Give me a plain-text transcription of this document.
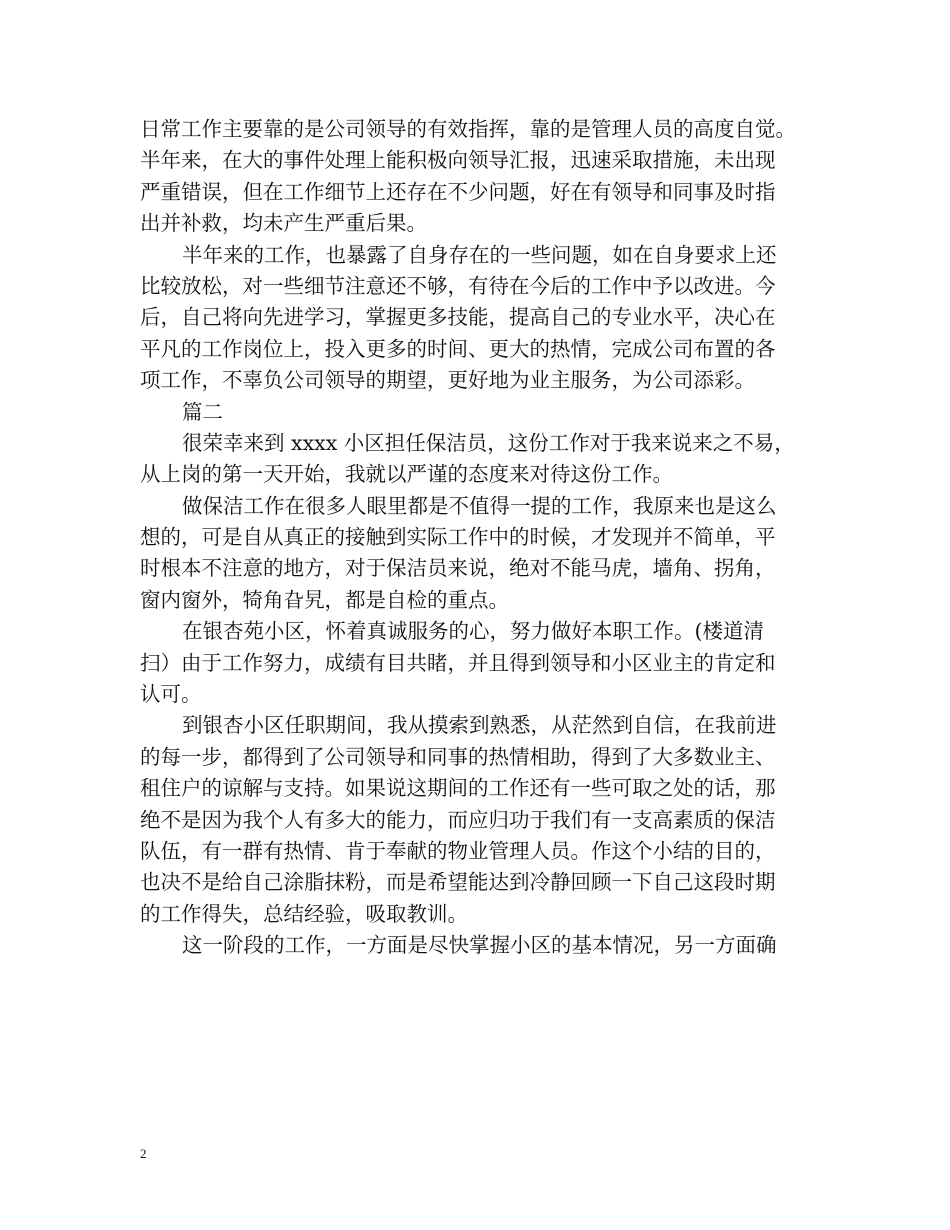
日常工作主要靠的是公司领导的有效指挥，靠的是管理人员的高度自觉。
半年来，在大的事件处理上能积极向领导汇报，迅速采取措施，未出现
严重错误，但在工作细节上还存在不少问题，好在有领导和同事及时指
出并补救，均未产生严重后果。
半年来的工作，也暴露了自身存在的一些问题，如在自身要求上还
比较放松，对一些细节注意还不够，有待在今后的工作中予以改进。今
后，自己将向先进学习，掌握更多技能，提高自己的专业水平，决心在
平凡的工作岗位上，投入更多的时间、更大的热情，完成公司布置的各
项工作，不辜负公司领导的期望，更好地为业主服务，为公司添彩。
篇二
很荣幸来到 xxxx 小区担任保洁员，这份工作对于我来说来之不易，
从上岗的第一天开始，我就以严谨的态度来对待这份工作。
做保洁工作在很多人眼里都是不值得一提的工作，我原来也是这么
想的，可是自从真正的接触到实际工作中的时候，才发现并不简单，平
时根本不注意的地方，对于保洁员来说，绝对不能马虎，墙角、拐角，
窗内窗外，犄角旮旯，都是自检的重点。
在银杏苑小区，怀着真诚服务的心，努力做好本职工作。(楼道清
扫）由于工作努力，成绩有目共睹，并且得到领导和小区业主的肯定和
认可。
到银杏小区任职期间，我从摸索到熟悉，从茫然到自信，在我前进
的每一步，都得到了公司领导和同事的热情相助，得到了大多数业主、
租住户的谅解与支持。如果说这期间的工作还有一些可取之处的话，那
绝不是因为我个人有多大的能力，而应归功于我们有一支高素质的保洁
队伍，有一群有热情、肯于奉献的物业管理人员。作这个小结的目的，
也决不是给自己涂脂抹粉，而是希望能达到冷静回顾一下自己这段时期
的工作得失，总结经验，吸取教训。
这一阶段的工作，一方面是尽快掌握小区的基本情况，另一方面确
2
